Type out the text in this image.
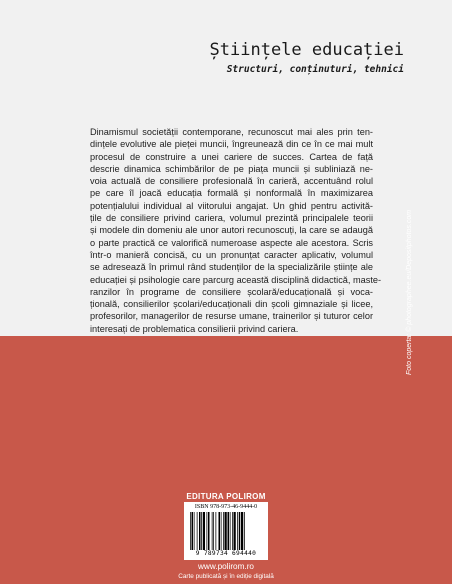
Științele educației
Structuri, conținuturi, tehnici
Dinamismul societății contemporane, recunoscut mai ales prin ten-
dințele evolutive ale pieței muncii, îngreunează din ce în ce mai mult
procesul de construire a unei cariere de succes. Cartea de față
descrie dinamica schimbărilor de pe piața muncii și subliniază ne-
voia actuală de consiliere profesională în carieră, accentuând rolul
pe care îl joacă educația formală și nonformală în maximizarea
potențialului individual al viitorului angajat. Un ghid pentru activită-
țile de consiliere privind cariera, volumul prezintă principalele teorii
și modele din domeniu ale unor autori recunoscuți, la care se adaugă
o parte practică ce valorifică numeroase aspecte ale acestora. Scris
într-o manieră concisă, cu un pronunțat caracter aplicativ, volumul
se adresează în primul rând studenților de la specializările științe ale
educației și psihologie care parcurg această disciplină didactică, maste-
ranzilor în programe de consiliere școlară/educațională și voca-
țională, consilierilor școlari/educaționali din școli gimnaziale și licee,
profesorilor, managerilor de resurse umane, trainerilor și tuturor celor
interesați de problematica consilierii privind cariera.
EDITURA POLIROM
ISBN 978-973-46-9444-0
9 789734 694440
www.polirom.ro
Carte publicată și în ediție digitală
Foto coperta: © photographee.eu/Depositphotos.com
